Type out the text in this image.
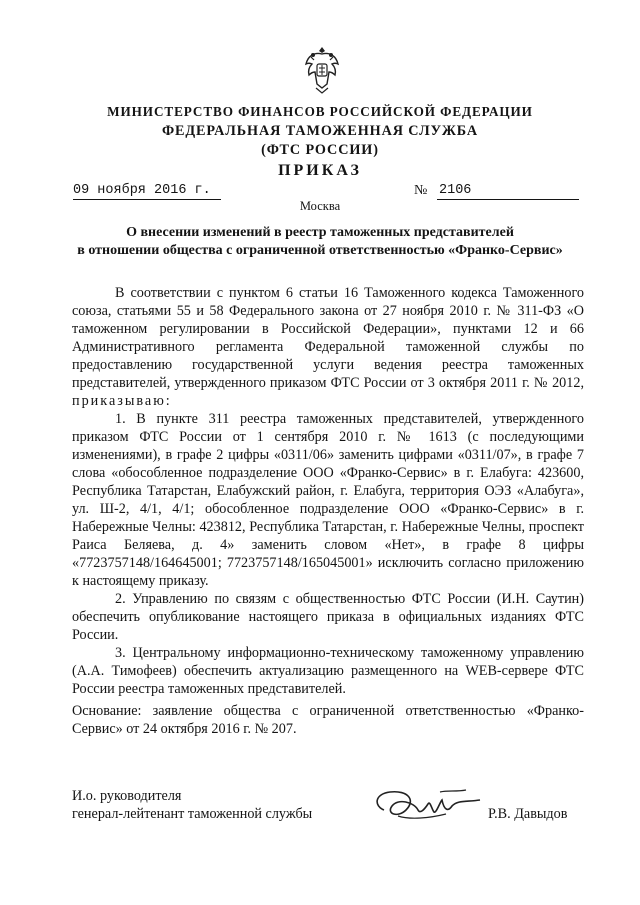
МИНИСТЕРСТВО ФИНАНСОВ РОССИЙСКОЙ ФЕДЕРАЦИИ
ФЕДЕРАЛЬНАЯ ТАМОЖЕННАЯ СЛУЖБА
(ФТС РОССИИ)
ПРИКАЗ
09 ноября 2016 г.	№ 2106
Москва
О внесении изменений в реестр таможенных представителей
в отношении общества с ограниченной ответственностью «Франко-Сервис»

В соответствии с пунктом 6 статьи 16 Таможенного кодекса Таможенного союза, статьями 55 и 58 Федерального закона от 27 ноября 2010 г. № 311-ФЗ «О таможенном регулировании в Российской Федерации», пунктами 12 и 66 Административного регламента Федеральной таможенной службы по предоставлению государственной услуги ведения реестра таможенных представителей, утвержденного приказом ФТС России от 3 октября 2011 г. № 2012, приказываю:

1. В пункте 311 реестра таможенных представителей, утвержденного приказом ФТС России от 1 сентября 2010 г. № 1613 (с последующими изменениями), в графе 2 цифры «0311/06» заменить цифрами «0311/07», в графе 7 слова «обособленное подразделение ООО «Франко-Сервис» в г. Елабуга: 423600, Республика Татарстан, Елабужский район, г. Елабуга, территория ОЭЗ «Алабуга», ул. Ш-2, 4/1, 4/1; обособленное подразделение ООО «Франко-Сервис» в г. Набережные Челны: 423812, Республика Татарстан, г. Набережные Челны, проспект Раиса Беляева, д. 4» заменить словом «Нет», в графе 8 цифры «7723757148/164645001; 7723757148/165045001» исключить согласно приложению к настоящему приказу.

2. Управлению по связям с общественностью ФТС России (И.Н. Саутин) обеспечить опубликование настоящего приказа в официальных изданиях ФТС России.

3. Центральному информационно-техническому таможенному управлению (А.А. Тимофеев) обеспечить актуализацию размещенного на WEB-сервере ФТС России реестра таможенных представителей.

Основание: заявление общества с ограниченной ответственностью «Франко-Сервис» от 24 октября 2016 г. № 207.

И.о. руководителя
генерал-лейтенант таможенной службы	Р.В. Давыдов
